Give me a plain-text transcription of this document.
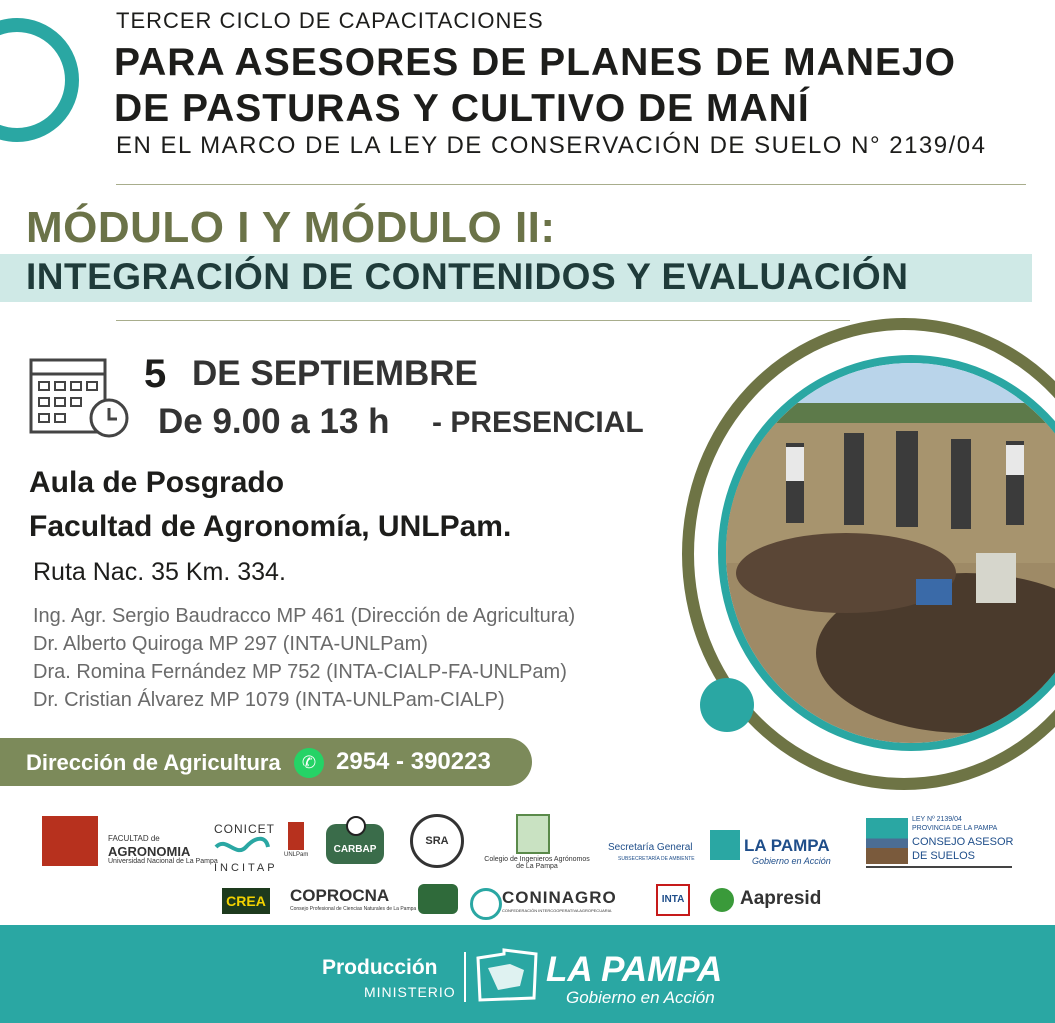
TERCER CICLO DE CAPACITACIONES
PARA ASESORES DE PLANES DE MANEJO
DE PASTURAS Y CULTIVO DE MANÍ
EN EL MARCO DE LA LEY DE CONSERVACIÓN DE SUELO N° 2139/04
MÓDULO I Y MÓDULO II:
INTEGRACIÓN DE CONTENIDOS Y EVALUACIÓN
5 DE SEPTIEMBRE
De 9.00 a 13 h - PRESENCIAL
Aula de Posgrado
Facultad de Agronomía, UNLPam.
Ruta Nac. 35 Km. 334.
Ing. Agr. Sergio Baudracco MP 461 (Dirección de Agricultura)
Dr. Alberto Quiroga MP 297 (INTA-UNLPam)
Dra. Romina Fernández MP 752 (INTA-CIALP-FA-UNLPam)
Dr. Cristian Álvarez MP 1079 (INTA-UNLPam-CIALP)
Dirección de Agricultura	✆ 2954 - 390223
FACULTAD de
AGRONOMIA
Universidad Nacional de La Pampa
CONICET
INCITAP
UNLPam	CARBAP
SRA
Colegio de Ingenieros Agrónomos de La Pampa
Secretaría General
SUBSECRETARÍA DE AMBIENTE
LA PAMPA
Gobierno en Acción
LEY Nº 2139/04
PROVINCIA DE LA PAMPA
CONSEJO ASESOR
DE SUELOS
CREA COPROCNA
Consejo Profesional de Ciencias Naturales de La Pampa
CONINAGRO
CONFEDERACIÓN INTERCOOPERATIVA AGROPECUARIA
INTA	Aapresid
Producción
MINISTERIO
LA PAMPA
Gobierno en Acción
